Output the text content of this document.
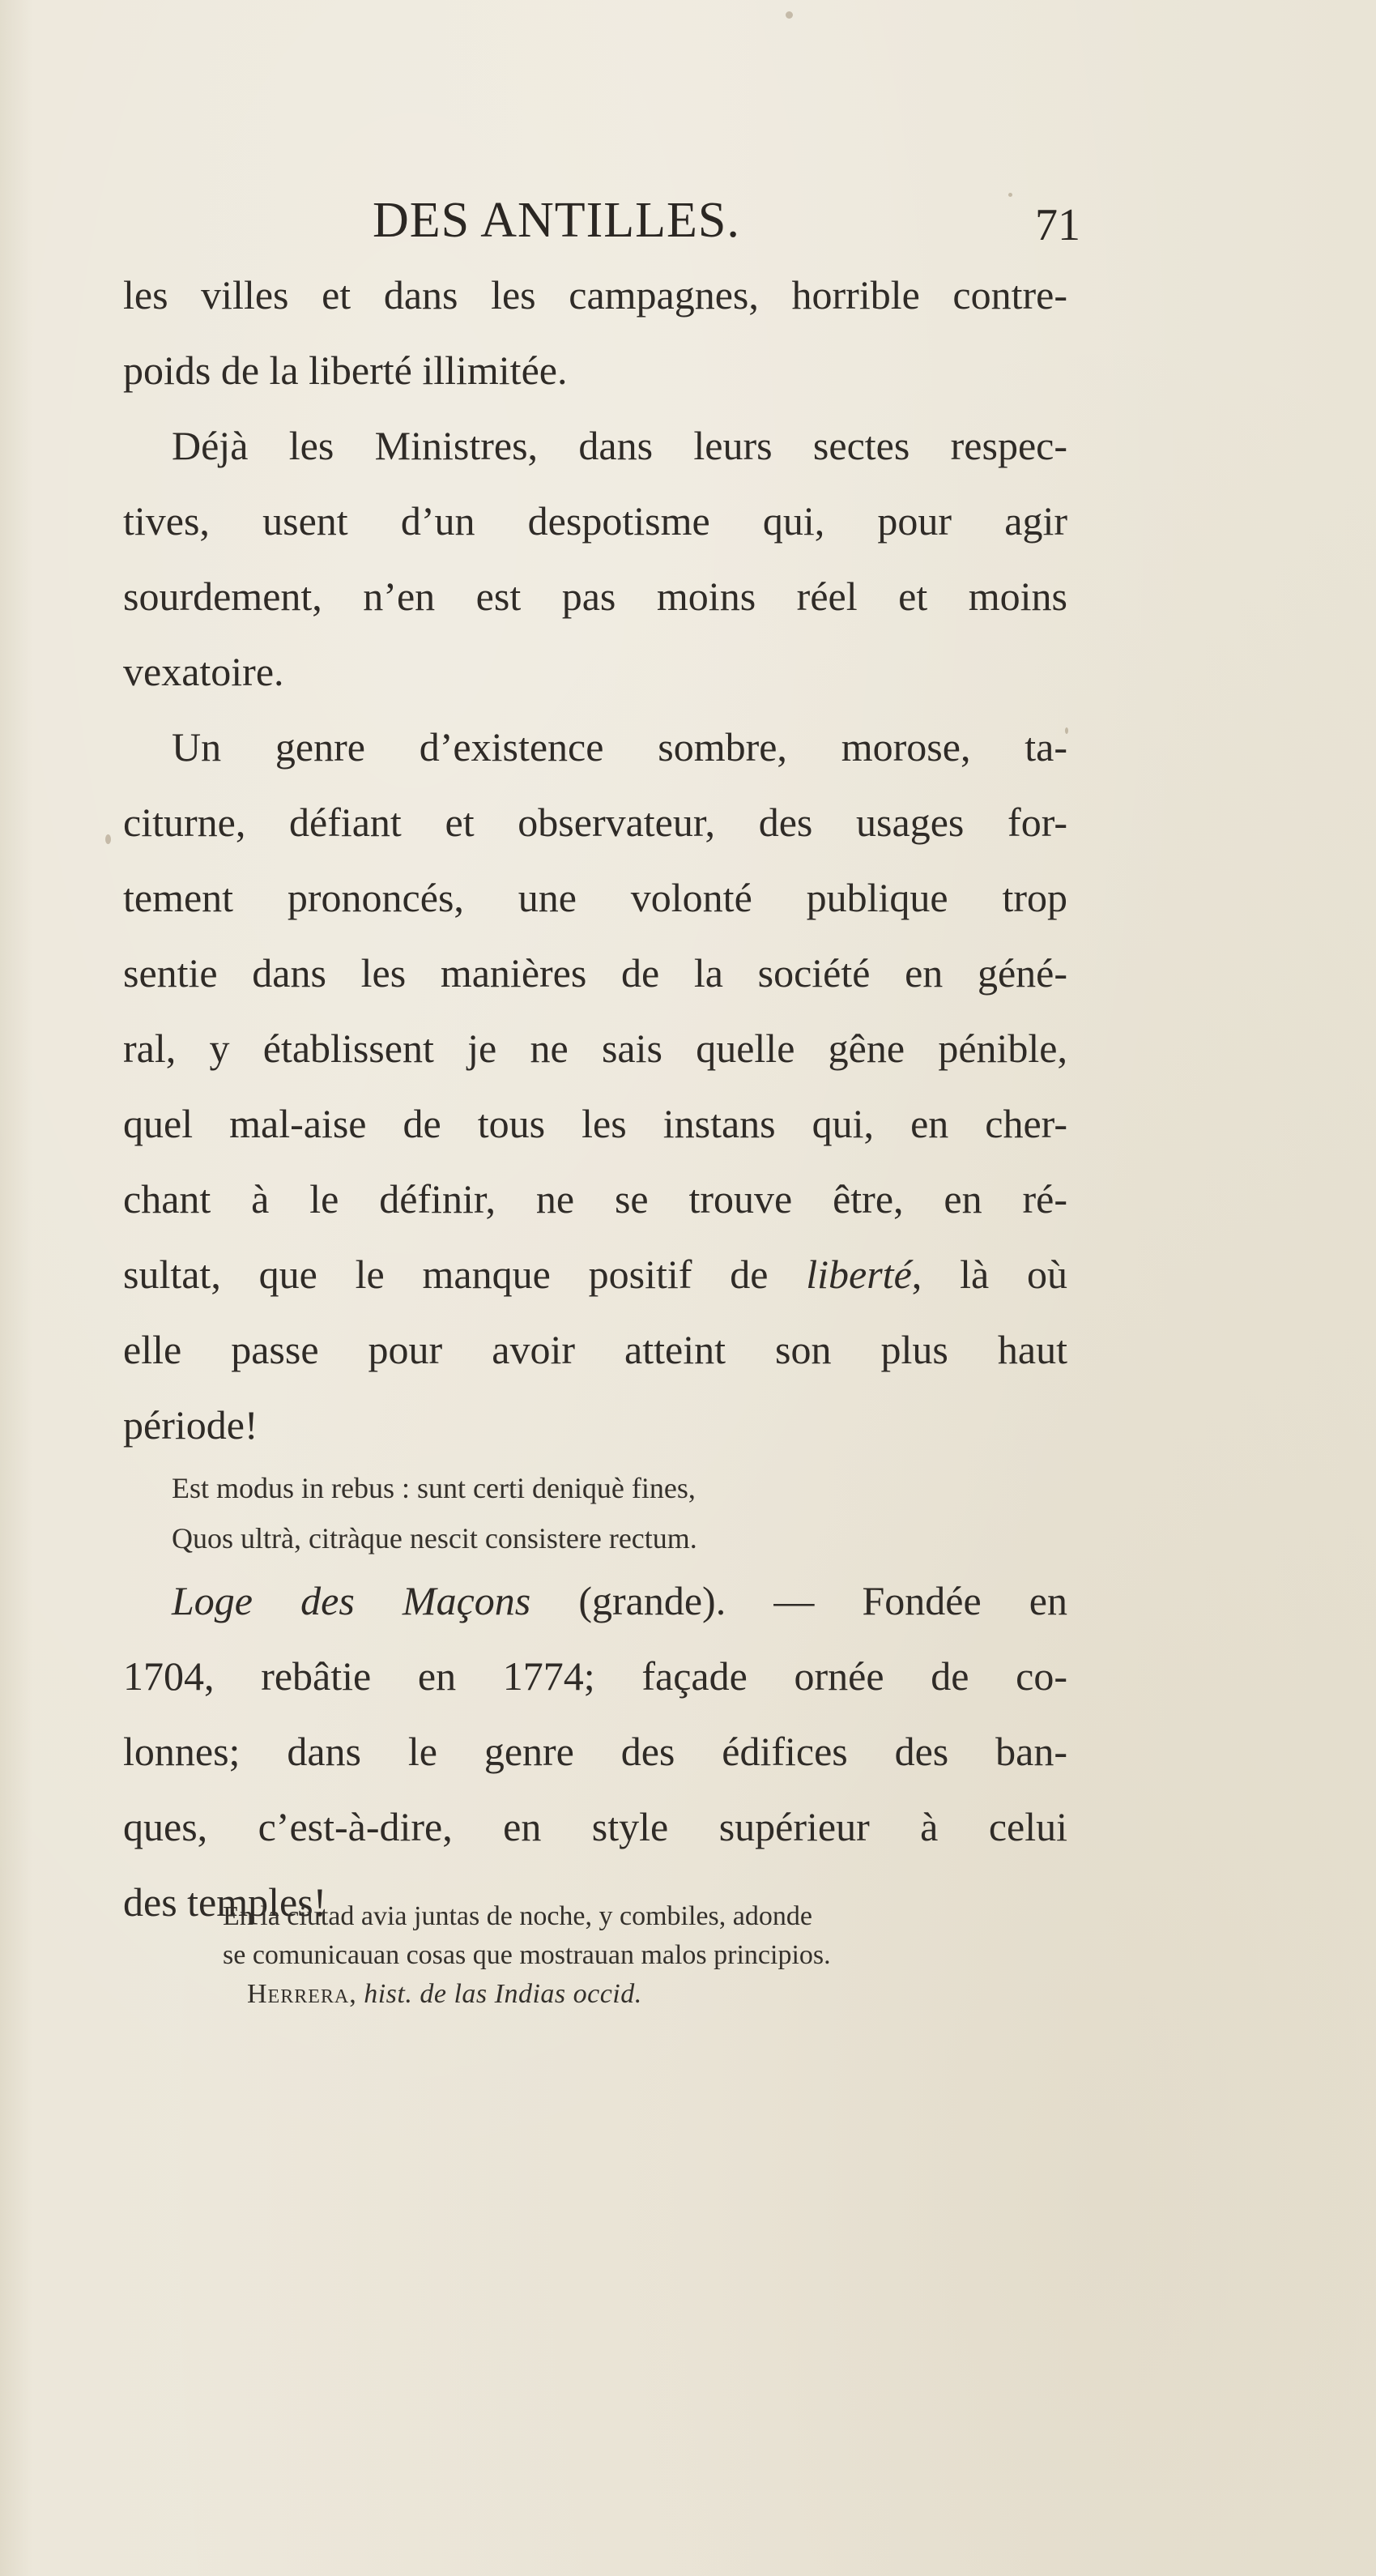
DES ANTILLES.	71
les villes et dans les campagnes, horrible contre-
poids de la liberté illimitée.
Déjà les Ministres, dans leurs sectes respec-
tives, usent d’un despotisme qui, pour agir
sourdement, n’en est pas moins réel et moins
vexatoire.
Un genre d’existence sombre, morose, ta-
citurne, défiant et observateur, des usages for-
tement prononcés, une volonté publique trop
sentie dans les manières de la société en géné-
ral, y établissent je ne sais quelle gêne pénible,
quel mal-aise de tous les instans qui, en cher-
chant à le définir, ne se trouve être, en ré-
sultat, que le manque positif de liberté, là où
elle passe pour avoir atteint son plus haut
période!
Est modus in rebus : sunt certi deniquè fines,
Quos ultrà, citràque nescit consistere rectum.
Loge des Maçons (grande). — Fondée en
1704, rebâtie en 1774; façade ornée de co-
lonnes; dans le genre des édifices des ban-
ques, c’est-à-dire, en style supérieur à celui
des temples!
En la ciutad avia juntas de noche, y combiles, adonde
se comunicauan cosas que mostrauan malos principios.
Herrera, hist. de las Indias occid.
